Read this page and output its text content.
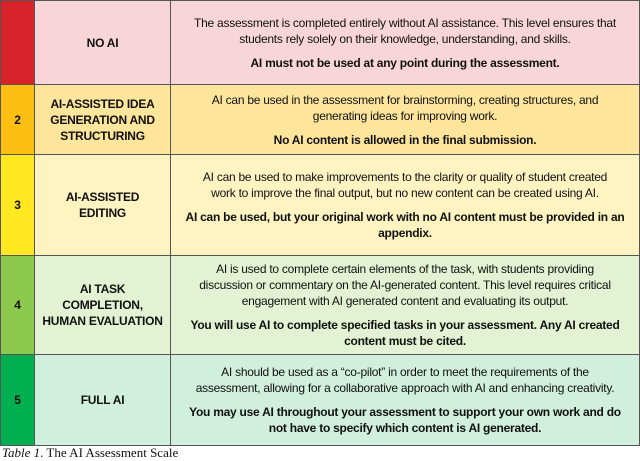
	NO AI	The assessment is completed entirely without AI assistance. This level ensures that
students rely solely on their knowledge, understanding, and skills.
AI must not be used at any point during the assessment.

2	AI-ASSISTED IDEA GENERATION AND STRUCTURING	AI can be used in the assessment for brainstorming, creating structures, and
generating ideas for improving work.
No AI content is allowed in the final submission.

3	AI-ASSISTED EDITING	AI can be used to make improvements to the clarity or quality of student created
work to improve the final output, but no new content can be created using AI.
AI can be used, but your original work with no AI content must be provided in an
appendix.

4	AI TASK COMPLETION, HUMAN EVALUATION	AI is used to complete certain elements of the task, with students providing
discussion or commentary on the AI-generated content. This level requires critical
engagement with AI generated content and evaluating its output.
You will use AI to complete specified tasks in your assessment. Any AI created
content must be cited.

5	FULL AI	AI should be used as a “co-pilot” in order to meet the requirements of the
assessment, allowing for a collaborative approach with AI and enhancing creativity.
You may use AI throughout your assessment to support your own work and do
not have to specify which content is AI generated.
Table 1. The AI Assessment Scale
